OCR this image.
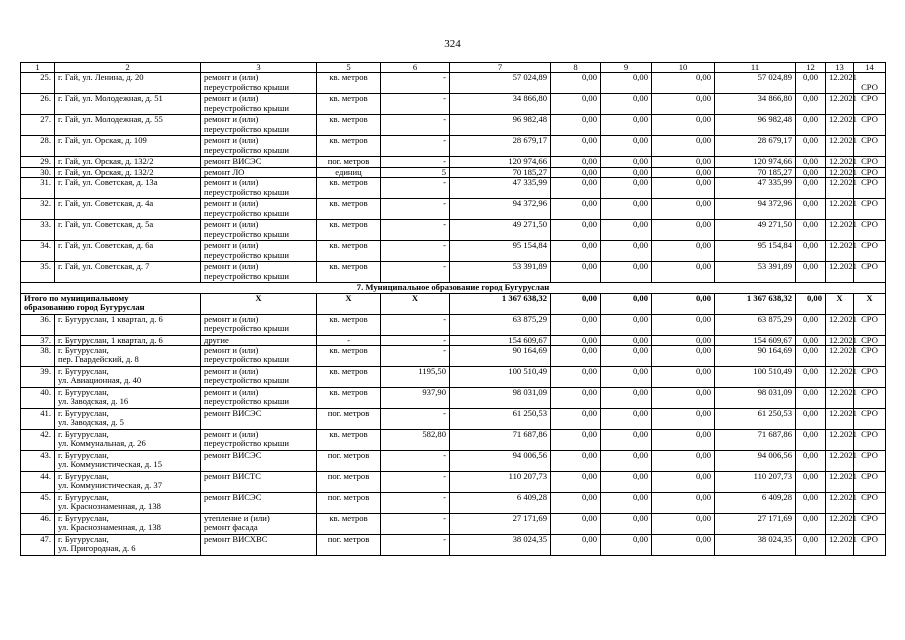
324
1	2	3	5	6	7	8	9	10	11	12	13	14
25.	г. Гай, ул. Ленина, д. 20	ремонт и (или)
переустройство крыши	кв. метров	-	57 024,89	0,00	0,00	0,00	57 024,89	0,00	12.2021	СРО
26.	г. Гай, ул. Молодежная, д. 51	ремонт и (или)
переустройство крыши	кв. метров	-	34 866,80	0,00	0,00	0,00	34 866,80	0,00	12.2021	СРО
27.	г. Гай, ул. Молодежная, д. 55	ремонт и (или)
переустройство крыши	кв. метров	-	96 982,48	0,00	0,00	0,00	96 982,48	0,00	12.2021	СРО
28.	г. Гай, ул. Орская, д. 109	ремонт и (или)
переустройство крыши	кв. метров	-	28 679,17	0,00	0,00	0,00	28 679,17	0,00	12.2021	СРО
29.	г. Гай, ул. Орская, д. 132/2	ремонт ВИСЭС	пог. метров	-	120 974,66	0,00	0,00	0,00	120 974,66	0,00	12.2021	СРО
30.	г. Гай, ул. Орская, д. 132/2	ремонт ЛО	единиц	5	70 185,27	0,00	0,00	0,00	70 185,27	0,00	12.2021	СРО
31.	г. Гай, ул. Советская, д. 13а	ремонт и (или)
переустройство крыши	кв. метров	-	47 335,99	0,00	0,00	0,00	47 335,99	0,00	12.2021	СРО
32.	г. Гай, ул. Советская, д. 4а	ремонт и (или)
переустройство крыши	кв. метров	-	94 372,96	0,00	0,00	0,00	94 372,96	0,00	12.2021	СРО
33.	г. Гай, ул. Советская, д. 5а	ремонт и (или)
переустройство крыши	кв. метров	-	49 271,50	0,00	0,00	0,00	49 271,50	0,00	12.2021	СРО
34.	г. Гай, ул. Советская, д. 6а	ремонт и (или)
переустройство крыши	кв. метров	-	95 154,84	0,00	0,00	0,00	95 154,84	0,00	12.2021	СРО
35.	г. Гай, ул. Советская, д. 7	ремонт и (или)
переустройство крыши	кв. метров	-	53 391,89	0,00	0,00	0,00	53 391,89	0,00	12.2021	СРО
7. Муниципальное образование город Бугуруслан												
Итого по муниципальному
образованию город Бугуруслан		X	X	X	1 367 638,32	0,00	0,00	0,00	1 367 638,32	0,00	X	X
36.	г. Бугуруслан, 1 квартал, д. 6	ремонт и (или)
переустройство крыши	кв. метров	-	63 875,29	0,00	0,00	0,00	63 875,29	0,00	12.2021	СРО
37.	г. Бугуруслан, 1 квартал, д. 6	другие	-	-	154 609,67	0,00	0,00	0,00	154 609,67	0,00	12.2021	СРО
38.	г. Бугуруслан,
пер. Гвардейский, д. 8	ремонт и (или)
переустройство крыши	кв. метров	-	90 164,69	0,00	0,00	0,00	90 164,69	0,00	12.2021	СРО
39.	г. Бугуруслан,
ул. Авиационная, д. 40	ремонт и (или)
переустройство крыши	кв. метров	1195,50	100 510,49	0,00	0,00	0,00	100 510,49	0,00	12.2021	СРО
40.	г. Бугуруслан,
ул. Заводская, д. 16	ремонт и (или)
переустройство крыши	кв. метров	937,90	98 031,09	0,00	0,00	0,00	98 031,09	0,00	12.2021	СРО
41.	г. Бугуруслан,
ул. Заводская, д. 5	ремонт ВИСЭС	пог. метров	-	61 250,53	0,00	0,00	0,00	61 250,53	0,00	12.2021	СРО
42.	г. Бугуруслан,
ул. Коммунальная, д. 26	ремонт и (или)
переустройство крыши	кв. метров	582,80	71 687,86	0,00	0,00	0,00	71 687,86	0,00	12.2021	СРО
43.	г. Бугуруслан,
ул. Коммунистическая, д. 15	ремонт ВИСЭС	пог. метров	-	94 006,56	0,00	0,00	0,00	94 006,56	0,00	12.2021	СРО
44.	г. Бугуруслан,
ул. Коммунистическая, д. 37	ремонт ВИСТС	пог. метров	-	110 207,73	0,00	0,00	0,00	110 207,73	0,00	12.2021	СРО
45.	г. Бугуруслан,
ул. Краснознаменная, д. 138	ремонт ВИСЭС	пог. метров	-	6 409,28	0,00	0,00	0,00	6 409,28	0,00	12.2021	СРО
46.	г. Бугуруслан,
ул. Краснознаменная, д. 138	утепление и (или)
ремонт фасада	кв. метров	-	27 171,69	0,00	0,00	0,00	27 171,69	0,00	12.2021	СРО
47.	г. Бугуруслан,
ул. Пригородная, д. 6	ремонт ВИСХВС	пог. метров	-	38 024,35	0,00	0,00	0,00	38 024,35	0,00	12.2021	СРО
